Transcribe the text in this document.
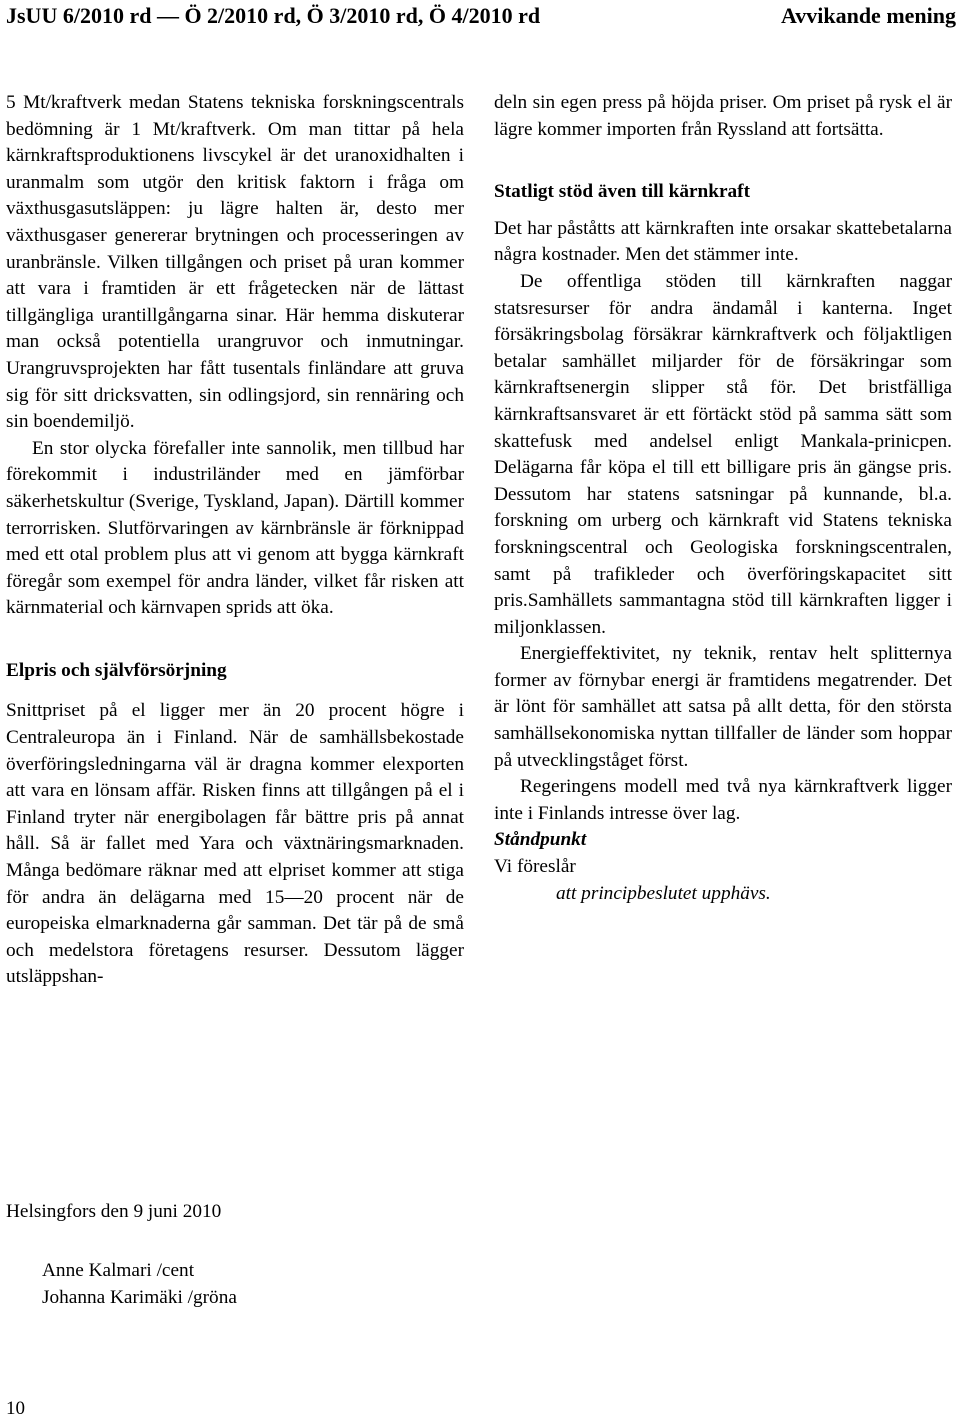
JsUU 6/2010 rd — Ö 2/2010 rd, Ö 3/2010 rd, Ö 4/2010 rd	Avvikande mening

5 Mt/kraftverk medan Statens tekniska forskningscentrals bedömning är 1 Mt/kraftverk. Om man tittar på hela kärnkraftsproduktionens livscykel är det uranoxidhalten i uranmalm som utgör den kritisk faktorn i fråga om växthusgasutsläppen: ju lägre halten är, desto mer växthusgaser genererar brytningen och processeringen av uranbränsle. Vilken tillgången och priset på uran kommer att vara i framtiden är ett frågetecken när de lättast tillgängliga urantillgångarna sinar. Här hemma diskuterar man också potentiella urangruvor och inmutningar. Urangruvsprojekten har fått tusentals finländare att gruva sig för sitt dricksvatten, sin odlingsjord, sin rennäring och sin boendemiljö.

En stor olycka förefaller inte sannolik, men tillbud har förekommit i industriländer med en jämförbar säkerhetskultur (Sverige, Tyskland, Japan). Därtill kommer terrorrisken. Slutförvaringen av kärnbränsle är förknippad med ett otal problem plus att vi genom att bygga kärnkraft föregår som exempel för andra länder, vilket får risken att kärnmaterial och kärnvapen sprids att öka.

Elpris och självförsörjning

Snittpriset på el ligger mer än 20 procent högre i Centraleuropa än i Finland. När de samhällsbekostade överföringsledningarna väl är dragna kommer elexporten att vara en lönsam affär. Risken finns att tillgången på el i Finland tryter när energibolagen får bättre pris på annat håll. Så är fallet med Yara och växtnäringsmarknaden. Många bedömare räknar med att elpriset kommer att stiga för andra än delägarna med 15—20 procent när de europeiska elmarknaderna går samman. Det tär på de små och medelstora företagens resurser. Dessutom lägger utsläppshan-

deln sin egen press på höjda priser. Om priset på rysk el är lägre kommer importen från Ryssland att fortsätta.

Statligt stöd även till kärnkraft

Det har påståtts att kärnkraften inte orsakar skattebetalarna några kostnader. Men det stämmer inte.

De offentliga stöden till kärnkraften naggar statsresurser för andra ändamål i kanterna. Inget försäkringsbolag försäkrar kärnkraftverk och följaktligen betalar samhället miljarder för de försäkringar som kärnkraftsenergin slipper stå för. Det bristfälliga kärnkraftsansvaret är ett förtäckt stöd på samma sätt som skattefusk med andelsel enligt Mankala-prinicpen. Delägarna får köpa el till ett billigare pris än gängse pris. Dessutom har statens satsningar på kunnande, bl.a. forskning om urberg och kärnkraft vid Statens tekniska forskningscentral och Geologiska forskningscentralen, samt på trafikleder och överföringskapacitet sitt pris.Samhällets sammantagna stöd till kärnkraften ligger i miljonklassen.

Energieffektivitet, ny teknik, rentav helt splitternya former av förnybar energi är framtidens megatrender. Det är lönt för samhället att satsa på allt detta, för den största samhällsekonomiska nyttan tillfaller de länder som hoppar på utvecklingståget först.

Regeringens modell med två nya kärnkraftverk ligger inte i Finlands intresse över lag.

Ståndpunkt

Vi föreslår

att principbeslutet upphävs.

Helsingfors den 9 juni 2010
Anne Kalmari /cent
Johanna Karimäki /gröna
10
